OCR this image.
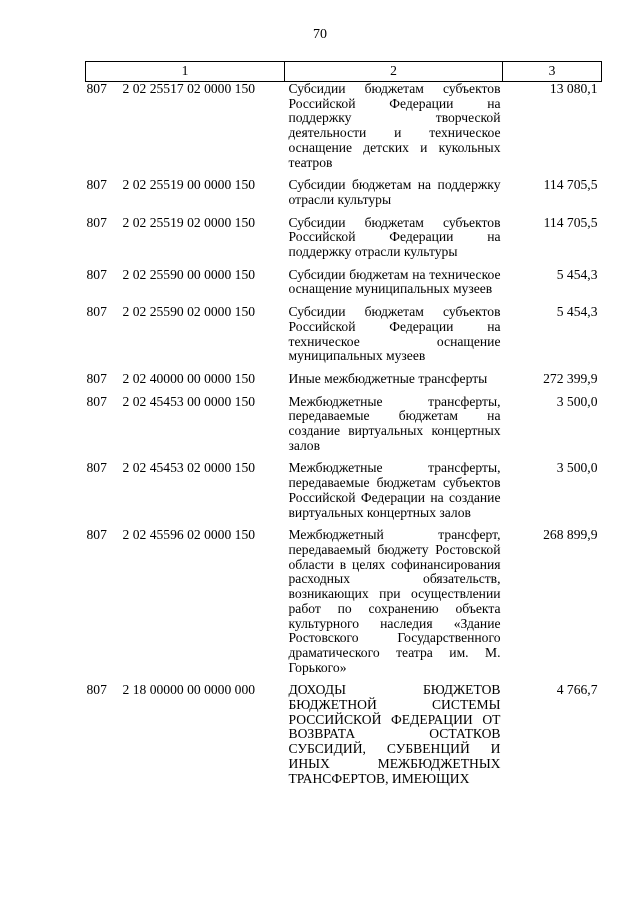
70
1	2	3
807 2 02 25517 02 0000 150	Субсидии бюджетам субъектов Российской Федерации на поддержку творческой деятельности и техническое оснащение детских и кукольных театров	13 080,1
807 2 02 25519 00 0000 150	Субсидии бюджетам на поддержку отрасли культуры	114 705,5
807 2 02 25519 02 0000 150	Субсидии бюджетам субъектов Российской Федерации на поддержку отрасли культуры	114 705,5
807 2 02 25590 00 0000 150	Субсидии бюджетам на техническое оснащение муниципальных музеев	5 454,3
807 2 02 25590 02 0000 150	Субсидии бюджетам субъектов Российской Федерации на техническое оснащение муниципальных музеев	5 454,3
807 2 02 40000 00 0000 150	Иные межбюджетные трансферты	272 399,9
807 2 02 45453 00 0000 150	Межбюджетные трансферты, передаваемые бюджетам на создание виртуальных концертных залов	3 500,0
807 2 02 45453 02 0000 150	Межбюджетные трансферты, передаваемые бюджетам субъектов Российской Федерации на создание виртуальных концертных залов	3 500,0
807 2 02 45596 02 0000 150	Межбюджетный трансферт, передаваемый бюджету Ростовской области в целях софинансирования расходных обязательств, возникающих при осуществлении работ по сохранению объекта культурного наследия «Здание Ростовского Государственного драматического театра им. М. Горького»	268 899,9
807 2 18 00000 00 0000 000	ДОХОДЫ БЮДЖЕТОВ БЮДЖЕТНОЙ СИСТЕМЫ РОССИЙСКОЙ ФЕДЕРАЦИИ ОТ ВОЗВРАТА ОСТАТКОВ СУБСИДИЙ, СУБВЕНЦИЙ И ИНЫХ МЕЖБЮДЖЕТНЫХ ТРАНСФЕРТОВ, ИМЕЮЩИХ	4 766,7
